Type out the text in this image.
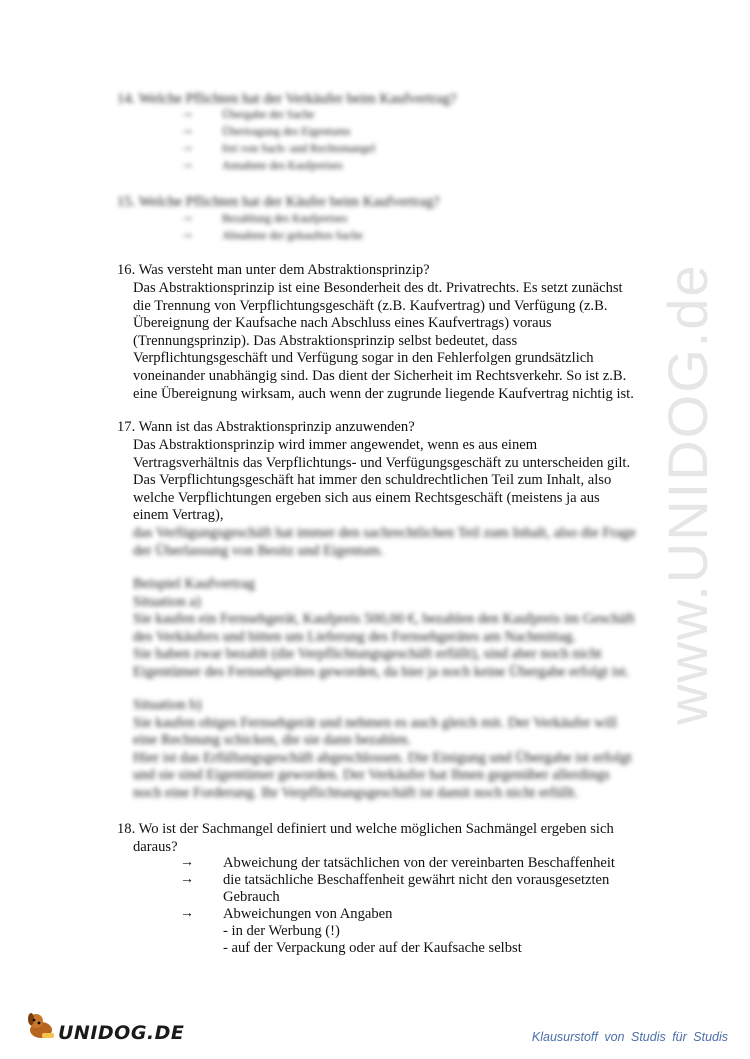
www.UNIDOG.de
14. Welche Pflichten hat der Verkäufer beim Kaufvertrag?
→ Übergabe der Sache
→ Übertragung des Eigentums
→ frei von Sach- und Rechtsmangel
→ Annahme des Kaufpreises
15. Welche Pflichten hat der Käufer beim Kaufvertrag?
→ Bezahlung des Kaufpreises
→ Abnahme der gekauften Sache
16. Was versteht man unter dem Abstraktionsprinzip?
Das Abstraktionsprinzip ist eine Besonderheit des dt. Privatrechts. Es setzt zunächst
die Trennung von Verpflichtungsgeschäft (z.B. Kaufvertrag) und Verfügung (z.B.
Übereignung der Kaufsache nach Abschluss eines Kaufvertrags) voraus
(Trennungsprinzip). Das Abstraktionsprinzip selbst bedeutet, dass
Verpflichtungsgeschäft und Verfügung sogar in den Fehlerfolgen grundsätzlich
voneinander unabhängig sind. Das dient der Sicherheit im Rechtsverkehr. So ist z.B.
eine Übereignung wirksam, auch wenn der zugrunde liegende Kaufvertrag nichtig ist.
17. Wann ist das Abstraktionsprinzip anzuwenden?
Das Abstraktionsprinzip wird immer angewendet, wenn es aus einem
Vertragsverhältnis das Verpflichtungs- und Verfügungsgeschäft zu unterscheiden gilt.
Das Verpflichtungsgeschäft hat immer den schuldrechtlichen Teil zum Inhalt, also
welche Verpflichtungen ergeben sich aus einem Rechtsgeschäft (meistens ja aus
einem Vertrag),
das Verfügungsgeschäft hat immer den sachrechtlichen Teil zum Inhalt, also die Frage
der Überlassung von Besitz und Eigentum.
Beispiel Kaufvertrag
Situation a)
Sie kaufen ein Fernsehgerät, Kaufpreis 500,00 €, bezahlen den Kaufpreis im Geschäft
des Verkäufers und bitten um Lieferung des Fernsehgerätes am Nachmittag.
Sie haben zwar bezahlt (die Verpflichtungsgeschäft erfüllt), sind aber noch nicht
Eigentümer des Fernsehgerätes geworden, da hier ja noch keine Übergabe erfolgt ist.
Situation b)
Sie kaufen obiges Fernsehgerät und nehmen es auch gleich mit. Der Verkäufer will
eine Rechnung schicken, die sie dann bezahlen.
Hier ist das Erfüllungsgeschäft abgeschlossen. Die Einigung und Übergabe ist erfolgt
und sie sind Eigentümer geworden. Der Verkäufer hat Ihnen gegenüber allerdings
noch eine Forderung. Ihr Verpflichtungsgeschäft ist damit noch nicht erfüllt.
18. Wo ist der Sachmangel definiert und welche möglichen Sachmängel ergeben sich
daraus?
→ Abweichung der tatsächlichen von der vereinbarten Beschaffenheit
→ die tatsächliche Beschaffenheit gewährt nicht den vorausgesetzten
Gebrauch
→ Abweichungen von Angaben
- in der Werbung (!)
- auf der Verpackung oder auf der Kaufsache selbst
UNIDOG.DE	Klausurstoff von Studis für Studis
